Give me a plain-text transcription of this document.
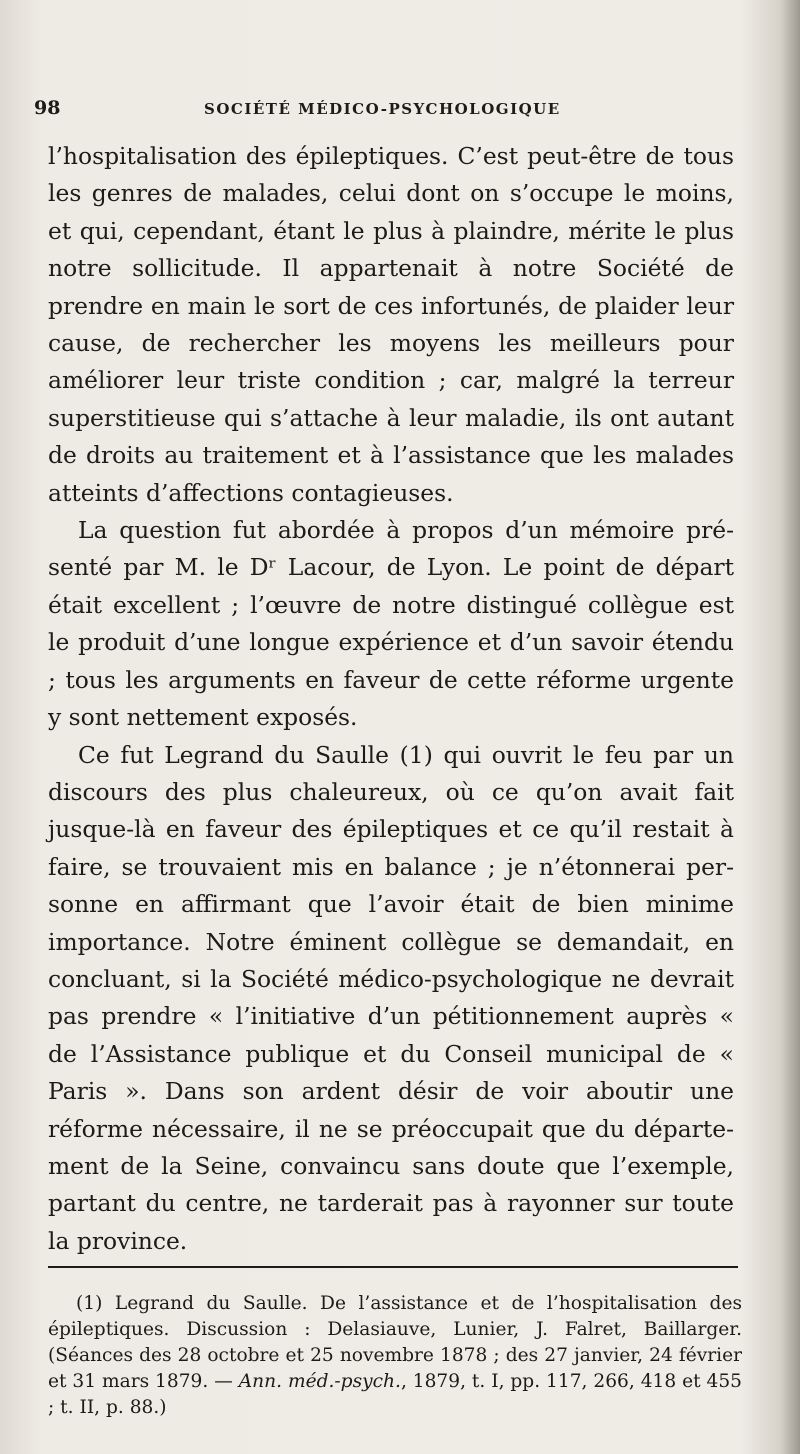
98	SOCIÉTÉ MÉDICO-PSYCHOLOGIQUE

l’hospitalisation des épileptiques. C’est peut-être de tous les genres de malades, celui dont on s’occupe le moins, et qui, cependant, étant le plus à plaindre, mérite le plus notre sollicitude. Il appartenait à notre Société de prendre en main le sort de ces infortunés, de plaider leur cause, de rechercher les moyens les meilleurs pour améliorer leur triste condition ; car, malgré la terreur superstitieuse qui s’attache à leur maladie, ils ont autant de droits au traitement et à l’assistance que les malades atteints d’affections contagieuses.

La question fut abordée à propos d’un mémoire présenté par M. le Dʳ Lacour, de Lyon. Le point de départ était excellent ; l’œuvre de notre distingué collègue est le produit d’une longue expérience et d’un savoir étendu ; tous les arguments en faveur de cette réforme urgente y sont nettement exposés.

Ce fut Legrand du Saulle (1) qui ouvrit le feu par un discours des plus chaleureux, où ce qu’on avait fait jusque-là en faveur des épileptiques et ce qu’il restait à faire, se trouvaient mis en balance ; je n’étonnerai personne en affirmant que l’avoir était de bien minime importance. Notre éminent collègue se demandait, en concluant, si la Société médico-psychologique ne devrait pas prendre « l’initiative d’un pétitionnement auprès « de l’Assistance publique et du Conseil municipal de « Paris ». Dans son ardent désir de voir aboutir une réforme nécessaire, il ne se préoccupait que du département de la Seine, convaincu sans doute que l’exemple, partant du centre, ne tarderait pas à rayonner sur toute la province.

(1) Legrand du Saulle. De l’assistance et de l’hospitalisation des épileptiques. Discussion : Delasiauve, Lunier, J. Falret, Baillarger. (Séances des 28 octobre et 25 novembre 1878 ; des 27 janvier, 24 février et 31 mars 1879. — Ann. méd.-psych., 1879, t. I, pp. 117, 266, 418 et 455 ; t. II, p. 88.)
